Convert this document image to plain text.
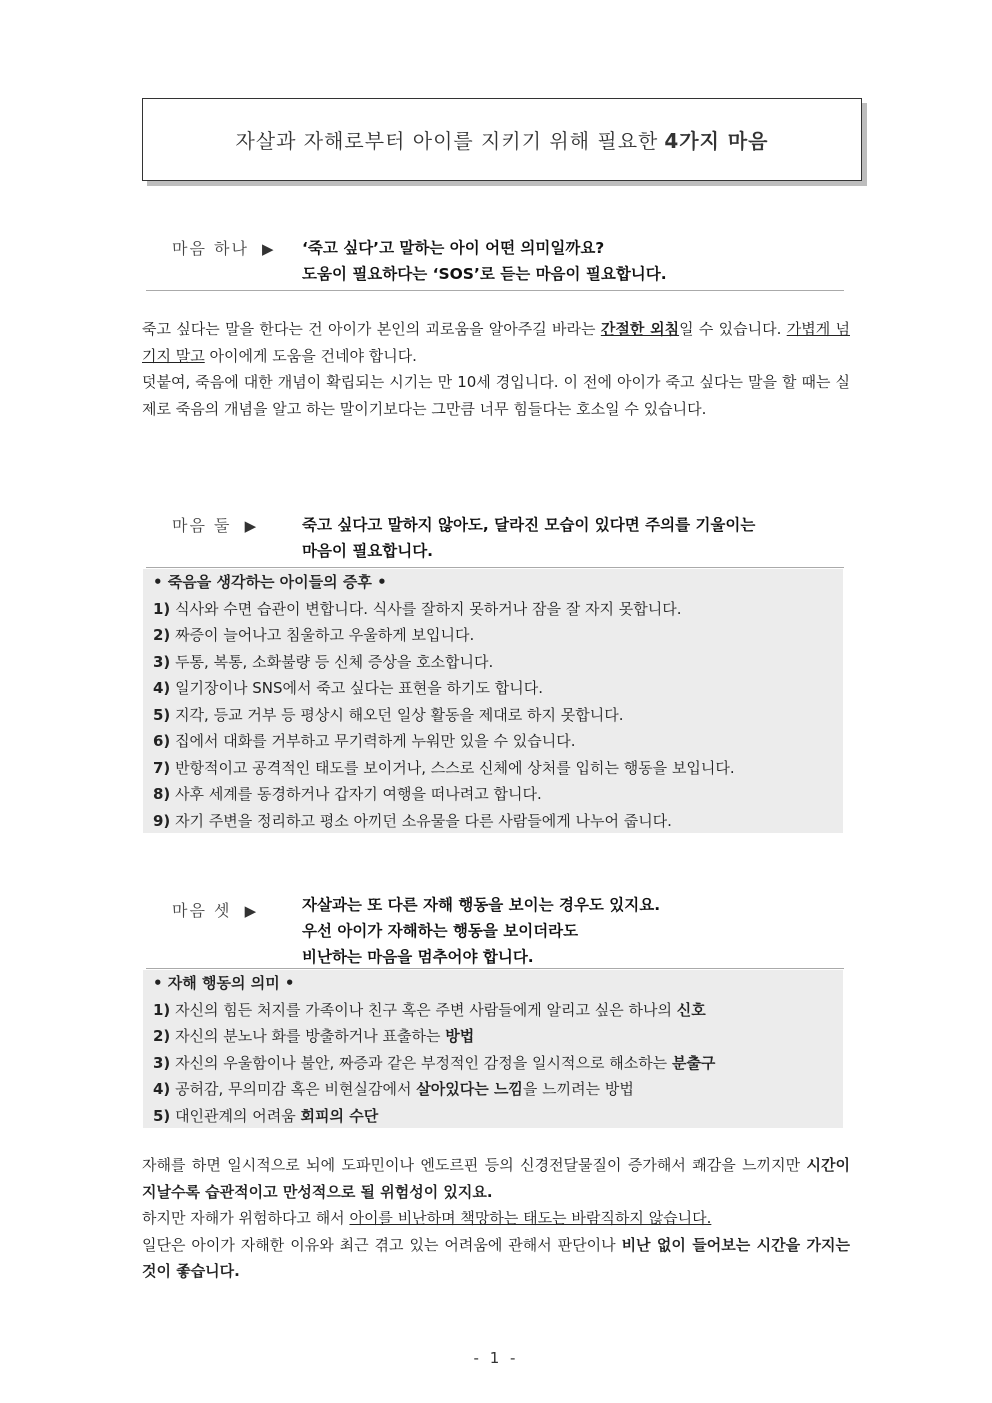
자살과 자해로부터 아이를 지키기 위해 필요한 4가지 마음
마음 하나 ▶ ‘죽고 싶다’고 말하는 아이 어떤 의미일까요?
도움이 필요하다는 ‘SOS’로 듣는 마음이 필요합니다.

죽고 싶다는 말을 한다는 건 아이가 본인의 괴로움을 알아주길 바라는 간절한 외침일 수 있습니다. 가볍게 넘기지 말고 아이에게 도움을 건네야 합니다.

덧붙여, 죽음에 대한 개념이 확립되는 시기는 만 10세 경입니다. 이 전에 아이가 죽고 싶다는 말을 할 때는 실제로 죽음의 개념을 알고 하는 말이기보다는 그만큼 너무 힘들다는 호소일 수 있습니다.

마음 둘 ▶	죽고 싶다고 말하지 않아도, 달라진 모습이 있다면 주의를 기울이는
마음이 필요합니다.
• 죽음을 생각하는 아이들의 증후 •
1) 식사와 수면 습관이 변합니다. 식사를 잘하지 못하거나 잠을 잘 자지 못합니다.
2) 짜증이 늘어나고 침울하고 우울하게 보입니다.
3) 두통, 복통, 소화불량 등 신체 증상을 호소합니다.
4) 일기장이나 SNS에서 죽고 싶다는 표현을 하기도 합니다.
5) 지각, 등교 거부 등 평상시 해오던 일상 활동을 제대로 하지 못합니다.
6) 집에서 대화를 거부하고 무기력하게 누워만 있을 수 있습니다.
7) 반항적이고 공격적인 태도를 보이거나, 스스로 신체에 상처를 입히는 행동을 보입니다.
8) 사후 세계를 동경하거나 갑자기 여행을 떠나려고 합니다.
9) 자기 주변을 정리하고 평소 아끼던 소유물을 다른 사람들에게 나누어 줍니다.
마음 셋 ▶	자살과는 또 다른 자해 행동을 보이는 경우도 있지요.
우선 아이가 자해하는 행동을 보이더라도
비난하는 마음을 멈추어야 합니다.
• 자해 행동의 의미 •
1) 자신의 힘든 처지를 가족이나 친구 혹은 주변 사람들에게 알리고 싶은 하나의 신호
2) 자신의 분노나 화를 방출하거나 표출하는 방법
3) 자신의 우울함이나 불안, 짜증과 같은 부정적인 감정을 일시적으로 해소하는 분출구
4) 공허감, 무의미감 혹은 비현실감에서 살아있다는 느낌을 느끼려는 방법
5) 대인관계의 어려움 회피의 수단

자해를 하면 일시적으로 뇌에 도파민이나 엔도르핀 등의 신경전달물질이 증가해서 쾌감을 느끼지만 시간이 지날수록 습관적이고 만성적으로 될 위험성이 있지요.

하지만 자해가 위험하다고 해서 아이를 비난하며 책망하는 태도는 바람직하지 않습니다.

일단은 아이가 자해한 이유와 최근 겪고 있는 어려움에 관해서 판단이나 비난 없이 들어보는 시간을 가지는 것이 좋습니다.

- 1 -
